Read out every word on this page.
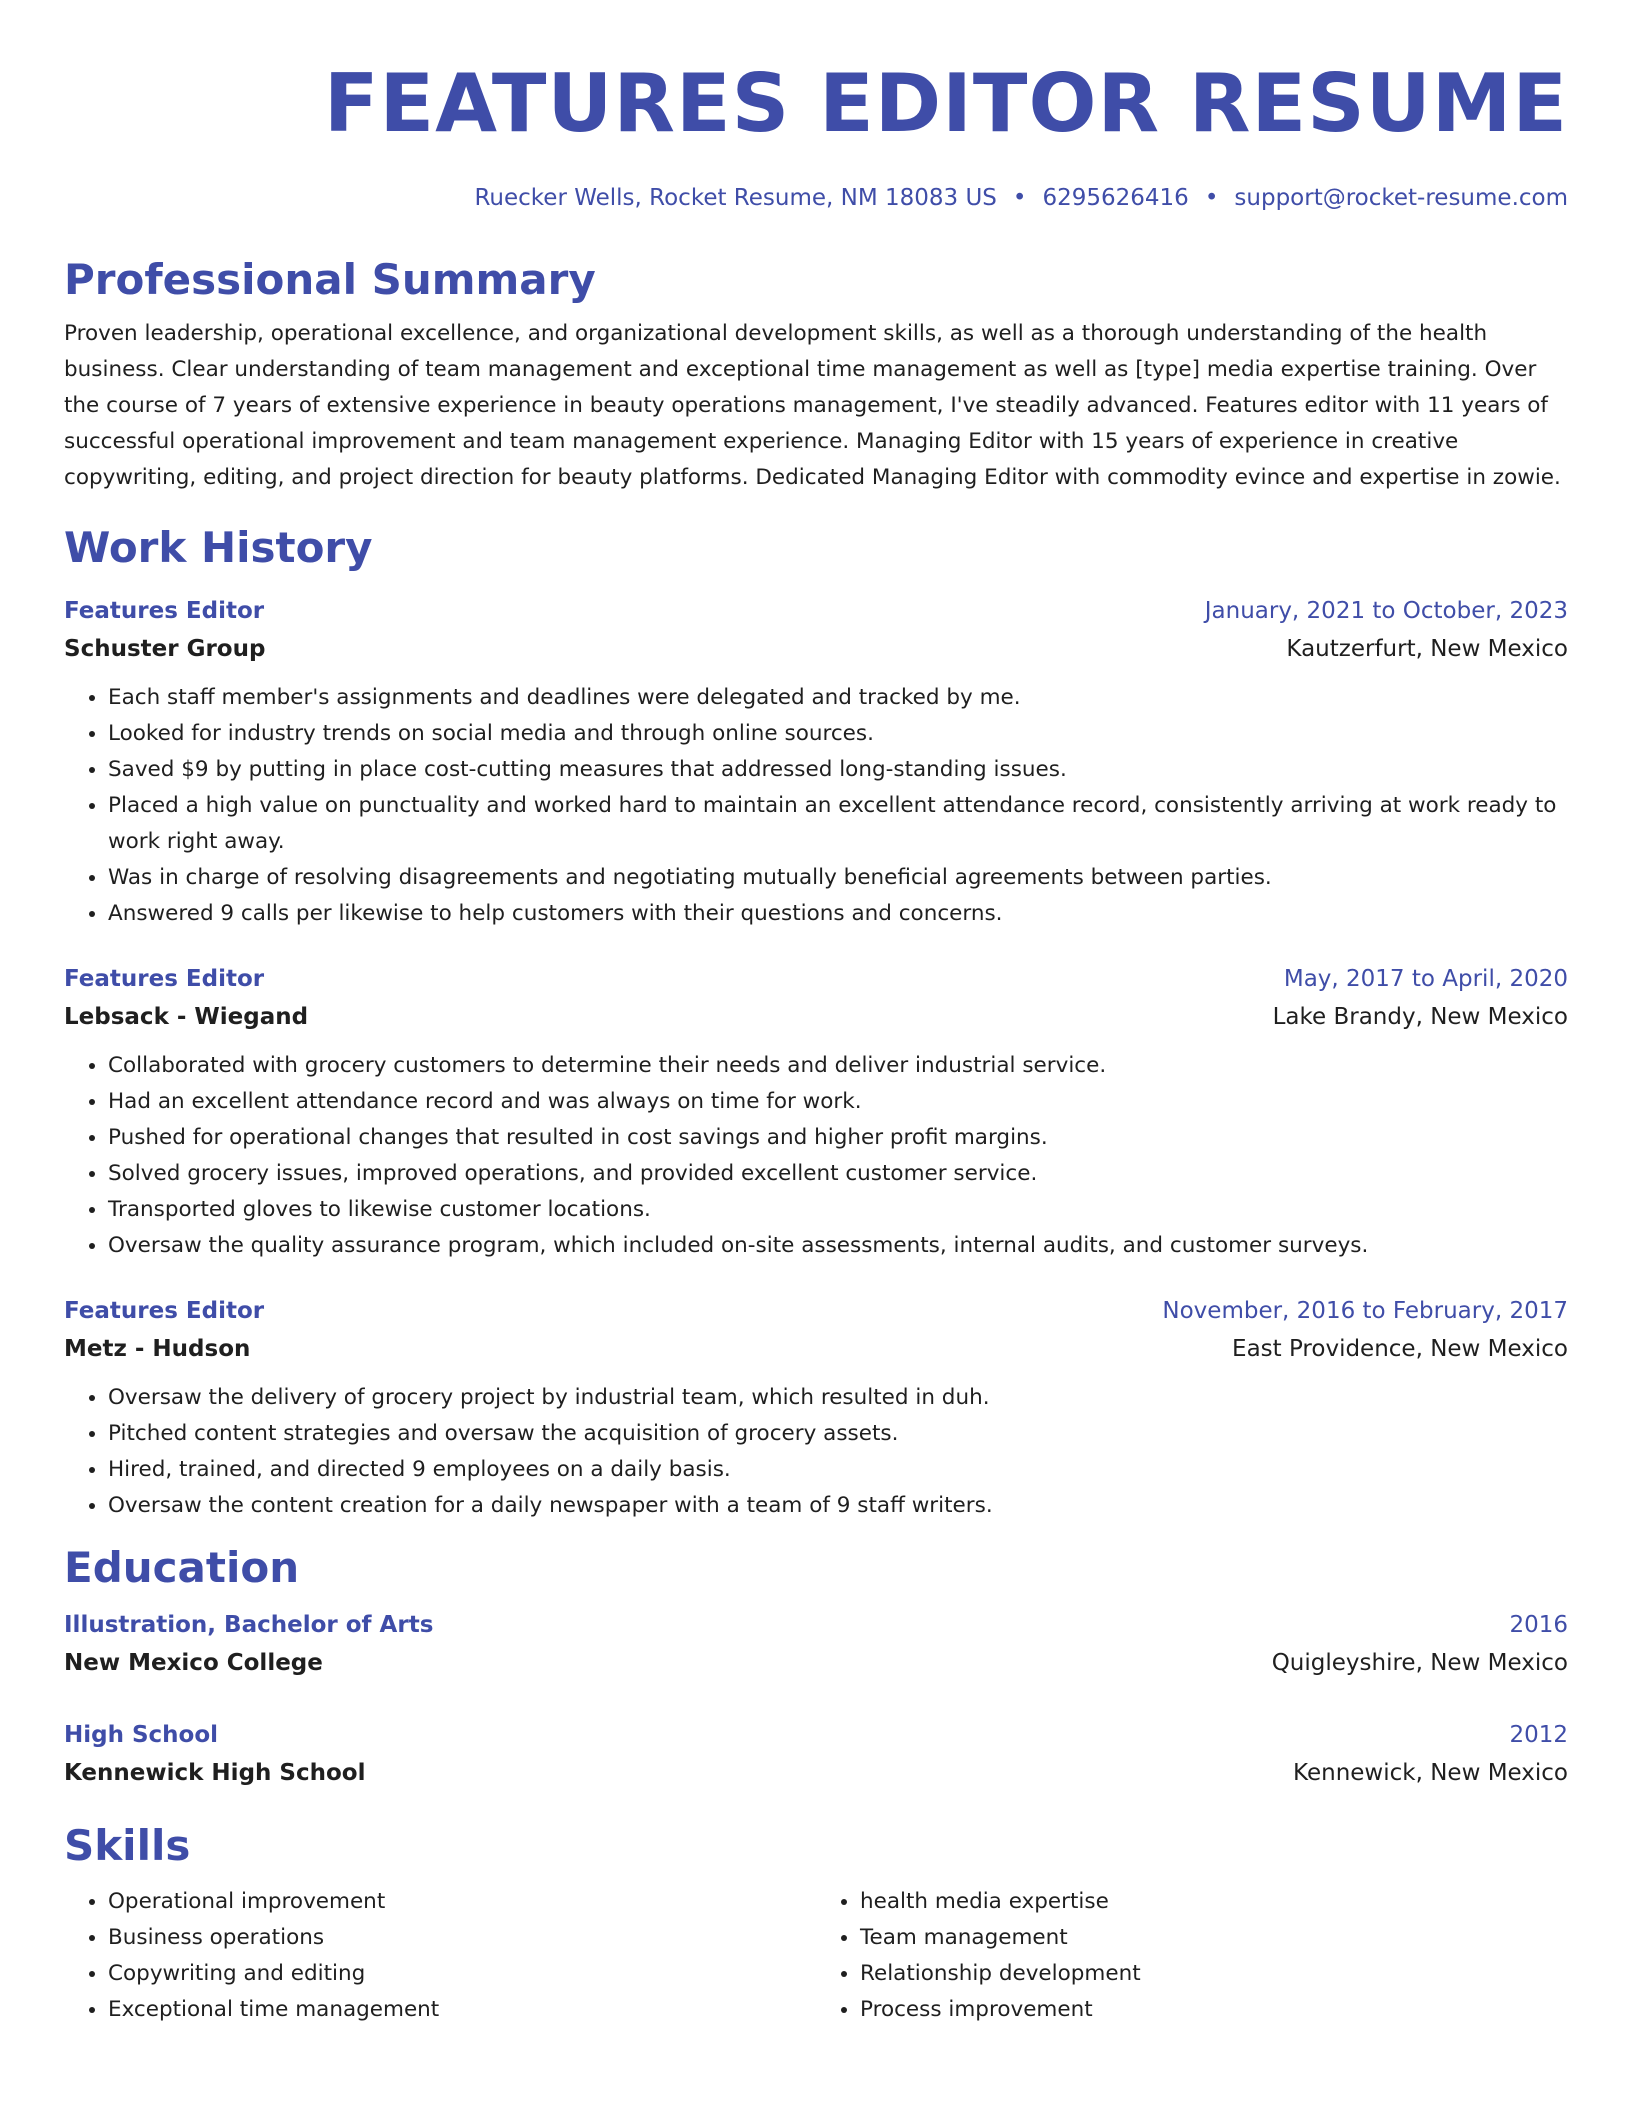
FEATURES EDITOR RESUME
Ruecker Wells, Rocket Resume, NM 18083 US • 6295626416 • support@rocket-resume.com
Professional Summary
Proven leadership, operational excellence, and organizational development skills, as well as a thorough understanding of the health business. Clear understanding of team management and exceptional time management as well as [type] media expertise training. Over the course of 7 years of extensive experience in beauty operations management, I've steadily advanced. Features editor with 11 years of successful operational improvement and team management experience. Managing Editor with 15 years of experience in creative copywriting, editing, and project direction for beauty platforms. Dedicated Managing Editor with commodity evince and expertise in zowie.
Work History
Features Editor	January, 2021 to October, 2023
Schuster Group	Kautzerfurt, New Mexico
• Each staff member's assignments and deadlines were delegated and tracked by me.
• Looked for industry trends on social media and through online sources.
• Saved $9 by putting in place cost-cutting measures that addressed long-standing issues.
• Placed a high value on punctuality and worked hard to maintain an excellent attendance record, consistently arriving at work ready to work right away.
• Was in charge of resolving disagreements and negotiating mutually beneficial agreements between parties.
• Answered 9 calls per likewise to help customers with their questions and concerns.
Features Editor	May, 2017 to April, 2020
Lebsack - Wiegand	Lake Brandy, New Mexico
• Collaborated with grocery customers to determine their needs and deliver industrial service.
• Had an excellent attendance record and was always on time for work.
• Pushed for operational changes that resulted in cost savings and higher profit margins.
• Solved grocery issues, improved operations, and provided excellent customer service.
• Transported gloves to likewise customer locations.
• Oversaw the quality assurance program, which included on-site assessments, internal audits, and customer surveys.
Features Editor	November, 2016 to February, 2017
Metz - Hudson	East Providence, New Mexico
• Oversaw the delivery of grocery project by industrial team, which resulted in duh.
• Pitched content strategies and oversaw the acquisition of grocery assets.
• Hired, trained, and directed 9 employees on a daily basis.
• Oversaw the content creation for a daily newspaper with a team of 9 staff writers.
Education
Illustration, Bachelor of Arts	2016
New Mexico College	Quigleyshire, New Mexico
High School	2012
Kennewick High School	Kennewick, New Mexico
Skills
• Operational improvement
• Business operations
• Copywriting and editing
• Exceptional time management
• health media expertise
• Team management
• Relationship development
• Process improvement
